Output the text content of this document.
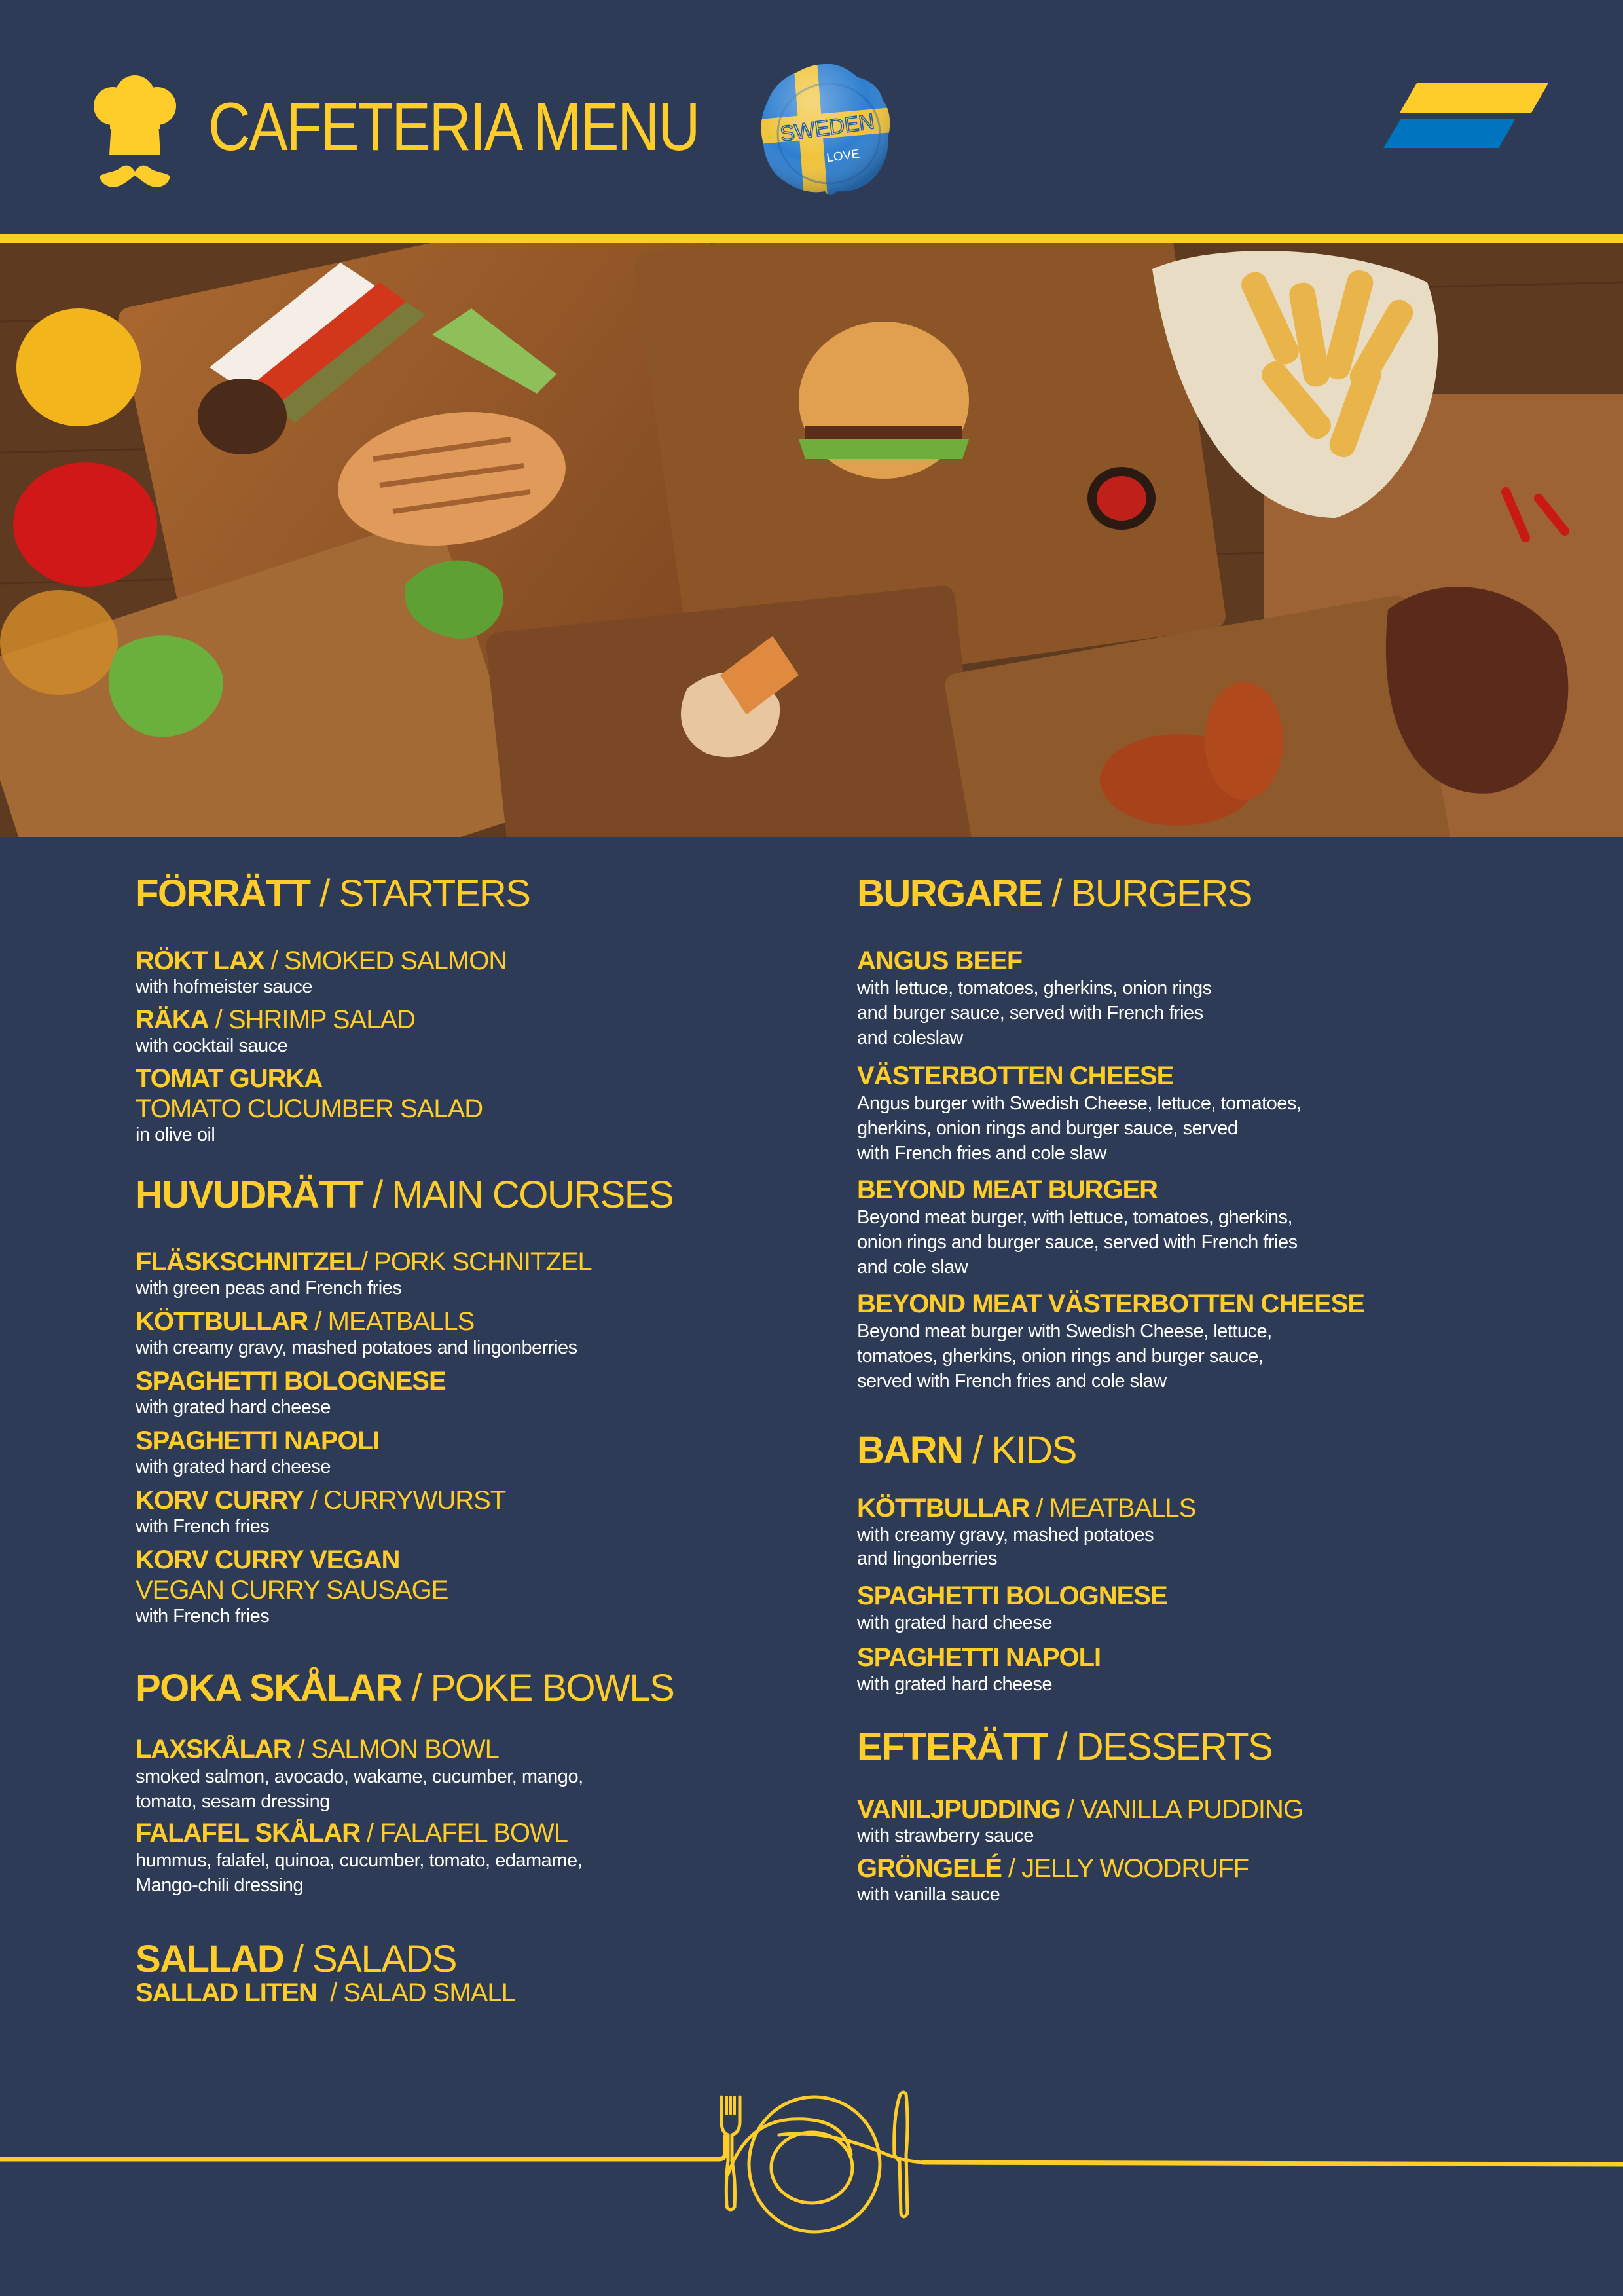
CAFETERIA MENU	SWEDEN
LOVE
FÖRRÄTT / STARTERS
RÖKT LAX / SMOKED SALMON
with hofmeister sauce
RÄKA / SHRIMP SALAD
with cocktail sauce
TOMAT GURKA
TOMATO CUCUMBER SALAD
in olive oil
HUVUDRÄTT / MAIN COURSES
FLÄSKSCHNITZEL/ PORK SCHNITZEL
with green peas and French fries
KÖTTBULLAR / MEATBALLS
with creamy gravy, mashed potatoes and lingonberries
SPAGHETTI BOLOGNESE
with grated hard cheese
SPAGHETTI NAPOLI
with grated hard cheese
KORV CURRY / CURRYWURST
with French fries
KORV CURRY VEGAN
VEGAN CURRY SAUSAGE
with French fries
POKA SKÅLAR / POKE BOWLS
LAXSKÅLAR / SALMON BOWL
smoked salmon, avocado, wakame, cucumber, mango,
tomato, sesam dressing
FALAFEL SKÅLAR / FALAFEL BOWL
hummus, falafel, quinoa, cucumber, tomato, edamame,
Mango-chili dressing
SALLAD / SALADS
SALLAD LITEN / SALAD SMALL
BURGARE / BURGERS
ANGUS BEEF
with lettuce, tomatoes, gherkins, onion rings
and burger sauce, served with French fries
and coleslaw
VÄSTERBOTTEN CHEESE
Angus burger with Swedish Cheese, lettuce, tomatoes,
gherkins, onion rings and burger sauce, served
with French fries and cole slaw
BEYOND MEAT BURGER
Beyond meat burger, with lettuce, tomatoes, gherkins,
onion rings and burger sauce, served with French fries
and cole slaw
BEYOND MEAT VÄSTERBOTTEN CHEESE
Beyond meat burger with Swedish Cheese, lettuce,
tomatoes, gherkins, onion rings and burger sauce,
served with French fries and cole slaw
BARN / KIDS
KÖTTBULLAR / MEATBALLS
with creamy gravy, mashed potatoes
and lingonberries
SPAGHETTI BOLOGNESE
with grated hard cheese
SPAGHETTI NAPOLI
with grated hard cheese
EFTERÄTT / DESSERTS
VANILJPUDDING / VANILLA PUDDING
with strawberry sauce
GRÖNGELÉ / JELLY WOODRUFF
with vanilla sauce
